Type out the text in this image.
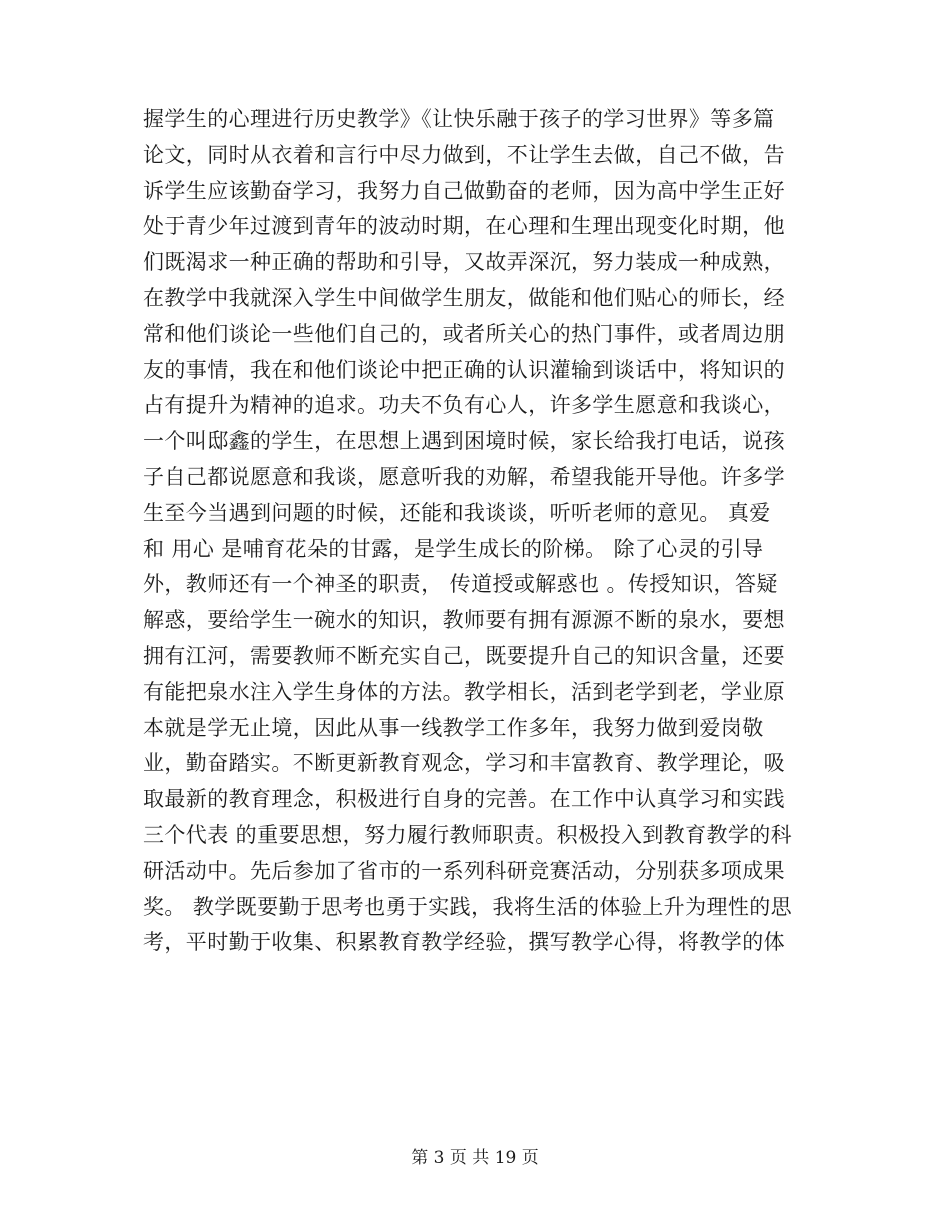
握学生的心理进行历史教学》《让快乐融于孩子的学习世界》等多篇
论文，同时从衣着和言行中尽力做到，不让学生去做，自己不做，告
诉学生应该勤奋学习，我努力自己做勤奋的老师，因为高中学生正好
处于青少年过渡到青年的波动时期，在心理和生理出现变化时期，他
们既渴求一种正确的帮助和引导，又故弄深沉，努力装成一种成熟，
在教学中我就深入学生中间做学生朋友，做能和他们贴心的师长，经
常和他们谈论一些他们自己的，或者所关心的热门事件，或者周边朋
友的事情，我在和他们谈论中把正确的认识灌输到谈话中，将知识的
占有提升为精神的追求。功夫不负有心人，许多学生愿意和我谈心，
一个叫邸鑫的学生，在思想上遇到困境时候，家长给我打电话，说孩
子自己都说愿意和我谈，愿意听我的劝解，希望我能开导他。许多学
生至今当遇到问题的时候，还能和我谈谈，听听老师的意见。 真爱
和 用心 是哺育花朵的甘露，是学生成长的阶梯。 除了心灵的引导
外，教师还有一个神圣的职责， 传道授或解惑也 。传授知识，答疑
解惑，要给学生一碗水的知识，教师要有拥有源源不断的泉水，要想
拥有江河，需要教师不断充实自己，既要提升自己的知识含量，还要
有能把泉水注入学生身体的方法。教学相长，活到老学到老，学业原
本就是学无止境，因此从事一线教学工作多年，我努力做到爱岗敬
业，勤奋踏实。不断更新教育观念，学习和丰富教育、教学理论，吸
取最新的教育理念，积极进行自身的完善。在工作中认真学习和实践
三个代表 的重要思想，努力履行教师职责。积极投入到教育教学的科
研活动中。先后参加了省市的一系列科研竞赛活动，分别获多项成果
奖。 教学既要勤于思考也勇于实践，我将生活的体验上升为理性的思
考，平时勤于收集、积累教育教学经验，撰写教学心得，将教学的体
第 3 页 共 19 页
